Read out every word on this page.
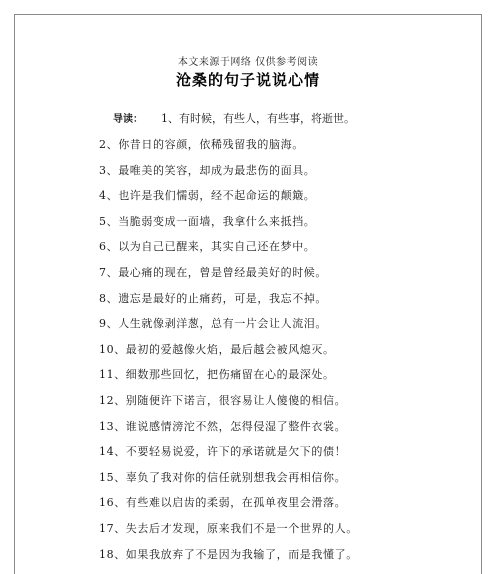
本文来源于网络 仅供参考阅读
沧桑的句子说说心情
导读： 1、有时候，有些人，有些事，将逝世。
2、你昔日的容颜，依稀残留我的脑海。
3、最唯美的笑容，却成为最悲伤的面具。
4、也许是我们懦弱，经不起命运的颠簸。
5、当脆弱变成一面墙，我拿什么来抵挡。
6、以为自己已醒来，其实自己还在梦中。
7、最心痛的现在，曾是曾经最美好的时候。
8、遗忘是最好的止痛药，可是，我忘不掉。
9、人生就像剥洋葱，总有一片会让人流泪。
10、最初的爱越像火焰，最后越会被风熄灭。
11、细数那些回忆，把伤痛留在心的最深处。
12、别随便许下诺言，很容易让人傻傻的相信。
13、谁说感情滂沱不然，怎得侵湿了整件衣裳。
14、不要轻易说爱，许下的承诺就是欠下的债！
15、辜负了我对你的信任就别想我会再相信你。
16、有些难以启齿的柔弱，在孤单夜里会滑落。
17、失去后才发现，原来我们不是一个世界的人。
18、如果我放弃了不是因为我输了，而是我懂了。
